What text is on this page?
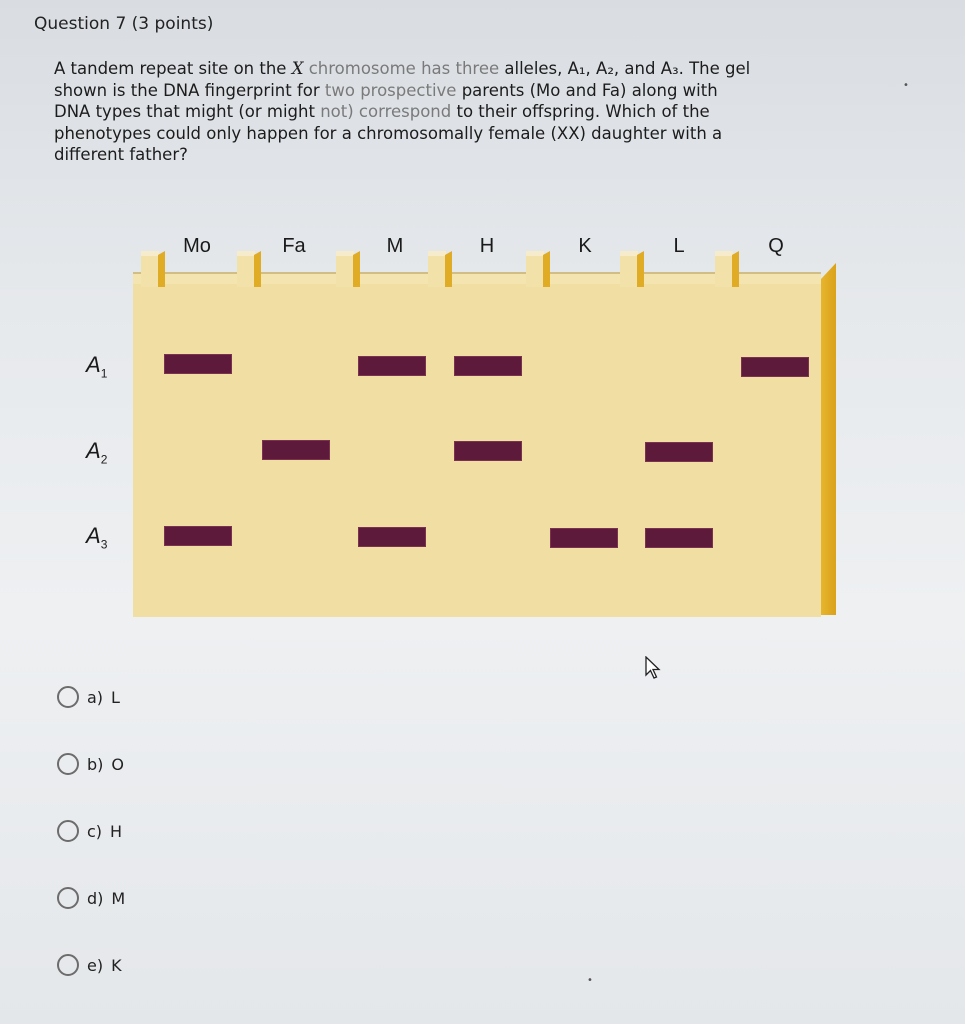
Question 7 (3 points)
A tandem repeat site on the X chromosome has three alleles, A₁, A₂, and A₃. The gel
shown is the DNA fingerprint for two prospective parents (Mo and Fa) along with
DNA types that might (or might not) correspond to their offspring. Which of the
phenotypes could only happen for a chromosomally female (XX) daughter with a
different father?
•
Mo	Fa	M	H	K	L	Q
$A_1$
$A_2$
$A_3$
a) L
b) O
c) H
d) M
e) K
•
